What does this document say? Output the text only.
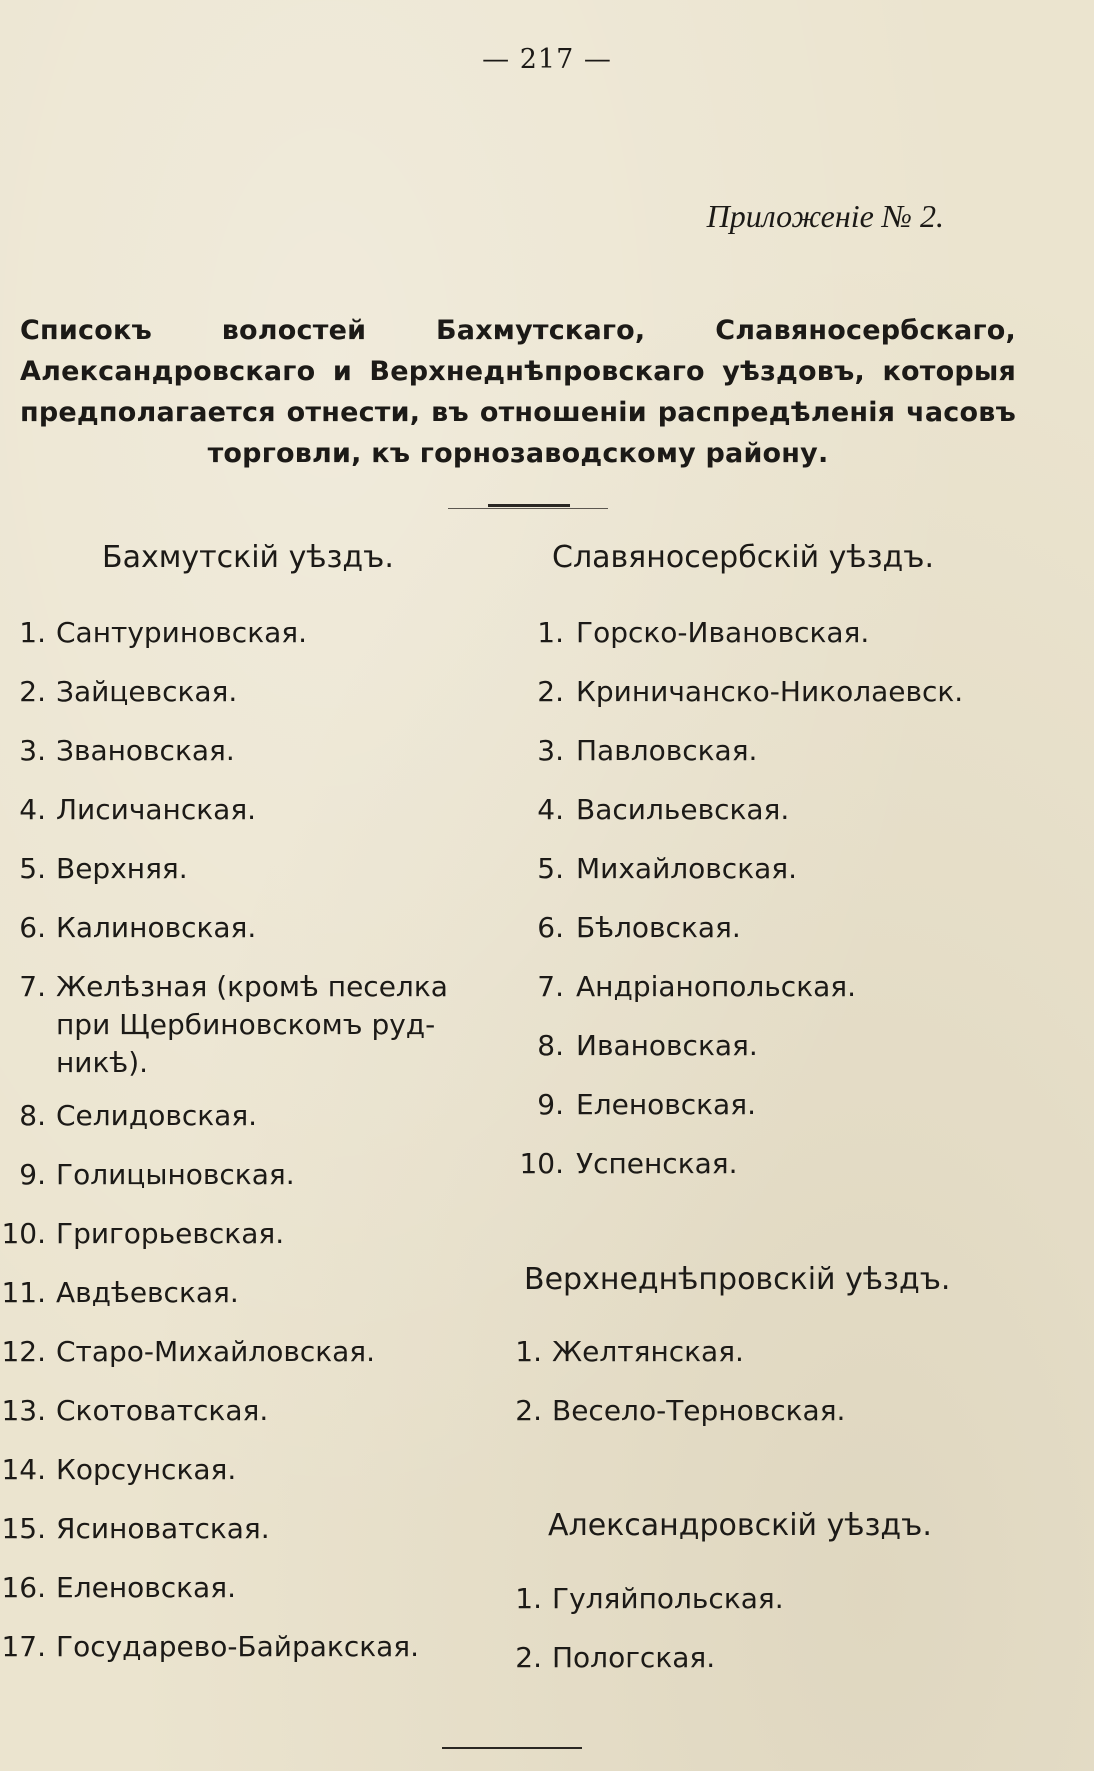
— 217 —
Приложеніе № 2.
Списокъ волостей Бахмутскаго, Славяносербскаго, Александровскаго и Верхнеднѣпровскаго уѣздовъ, которыя предполагается отнести, въ отношеніи распредѣленія часовъ торговли, къ горнозаводскому району.
Бахмутскій уѣздъ.
1. Сантуриновская.
2. Зайцевская.
3. Звановская.
4. Лисичанская.
5. Верхняя.
6. Калиновская.
7. Желѣзная (кромѣ песелка
при Щербиновскомъ руд-
никѣ).
8. Селидовская.
9. Голицыновская.
10. Григорьевская.
11. Авдѣевская.
12. Старо-Михайловская.
13. Скотоватская.
14. Корсунская.
15. Ясиноватская.
16. Еленовская.
17. Государево-Байракская.
Славяносербскій уѣздъ.
1. Горско-Ивановская.
2. Криничанско-Николаевск.
3. Павловская.
4. Васильевская.
5. Михайловская.
6. Бѣловская.
7. Андріанопольская.
8. Ивановская.
9. Еленовская.
10. Успенская.
Верхнеднѣпровскій уѣздъ.
1. Желтянская.
2. Весело-Терновская.
Александровскій уѣздъ.
1. Гуляйпольская.
2. Пологская.
